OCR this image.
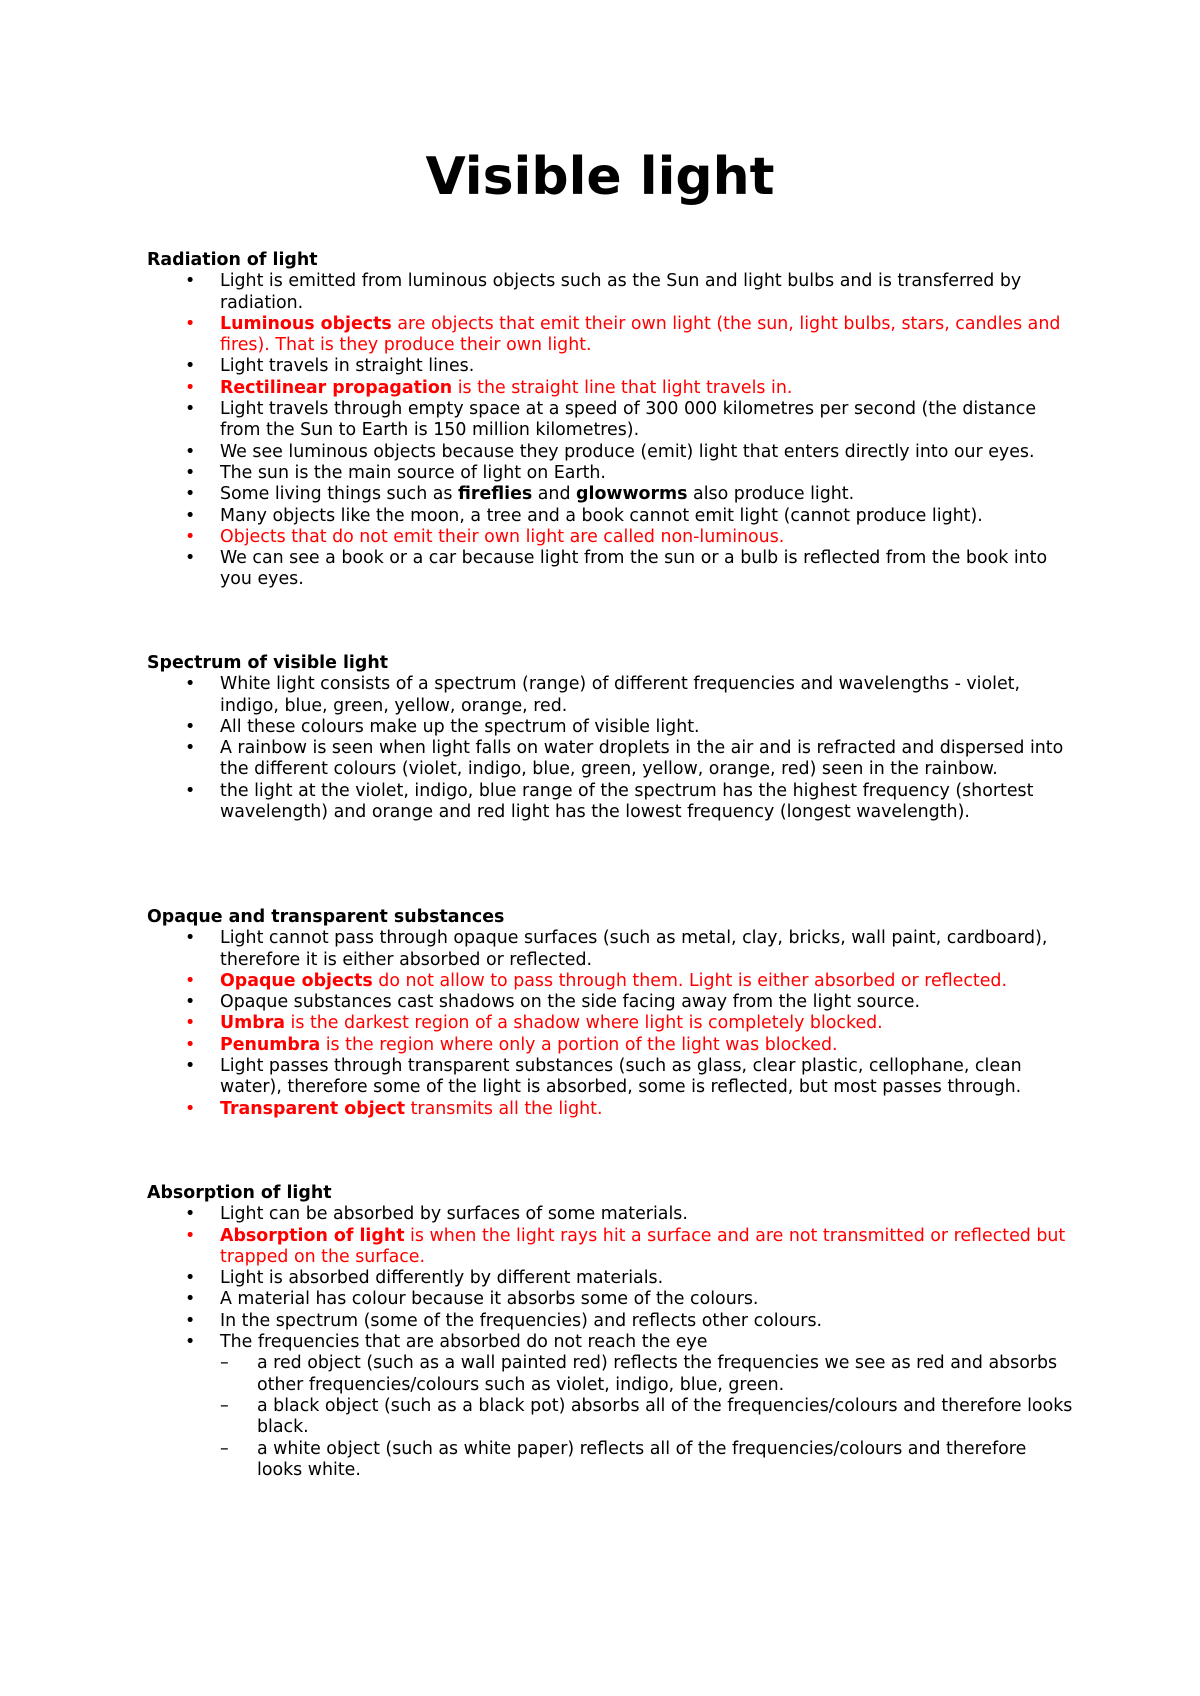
Visible light
Radiation of light
•	Light is emitted from luminous objects such as the Sun and light bulbs and is transferred by radiation.
•	Luminous objects are objects that emit their own light (the sun, light bulbs, stars, candles and fires). That is they produce their own light.
•	Light travels in straight lines.
•	Rectilinear propagation is the straight line that light travels in.
•	Light travels through empty space at a speed of 300 000 kilometres per second (the distance from the Sun to Earth is 150 million kilometres).
•	We see luminous objects because they produce (emit) light that enters directly into our eyes.
•	The sun is the main source of light on Earth.
•	Some living things such as fireflies and glowworms also produce light.
•	Many objects like the moon, a tree and a book cannot emit light (cannot produce light).
•	Objects that do not emit their own light are called non-luminous.
•	We can see a book or a car because light from the sun or a bulb is reflected from the book into you eyes.
Spectrum of visible light
•	White light consists of a spectrum (range) of different frequencies and wavelengths - violet, indigo, blue, green, yellow, orange, red.
•	All these colours make up the spectrum of visible light.
•	A rainbow is seen when light falls on water droplets in the air and is refracted and dispersed into the different colours (violet, indigo, blue, green, yellow, orange, red) seen in the rainbow.
•	the light at the violet, indigo, blue range of the spectrum has the highest frequency (shortest wavelength) and orange and red light has the lowest frequency (longest wavelength).
Opaque and transparent substances
•	Light cannot pass through opaque surfaces (such as metal, clay, bricks, wall paint, cardboard), therefore it is either absorbed or reflected.
•	Opaque objects do not allow to pass through them. Light is either absorbed or reflected.
•	Opaque substances cast shadows on the side facing away from the light source.
•	Umbra is the darkest region of a shadow where light is completely blocked.
•	Penumbra is the region where only a portion of the light was blocked.
•	Light passes through transparent substances (such as glass, clear plastic, cellophane, clean water), therefore some of the light is absorbed, some is reflected, but most passes through.
•	Transparent object transmits all the light.
Absorption of light
•	Light can be absorbed by surfaces of some materials.
•	Absorption of light is when the light rays hit a surface and are not transmitted or reflected but trapped on the surface.
•	Light is absorbed differently by different materials.
•	A material has colour because it absorbs some of the colours.
•	In the spectrum (some of the frequencies) and reflects other colours.
•	The frequencies that are absorbed do not reach the eye
– a red object (such as a wall painted red) reflects the frequencies we see as red and absorbs other frequencies/colours such as violet, indigo, blue, green.
– a black object (such as a black pot) absorbs all of the frequencies/colours and therefore looks black.
– a white object (such as white paper) reflects all of the frequencies/colours and therefore looks white.
